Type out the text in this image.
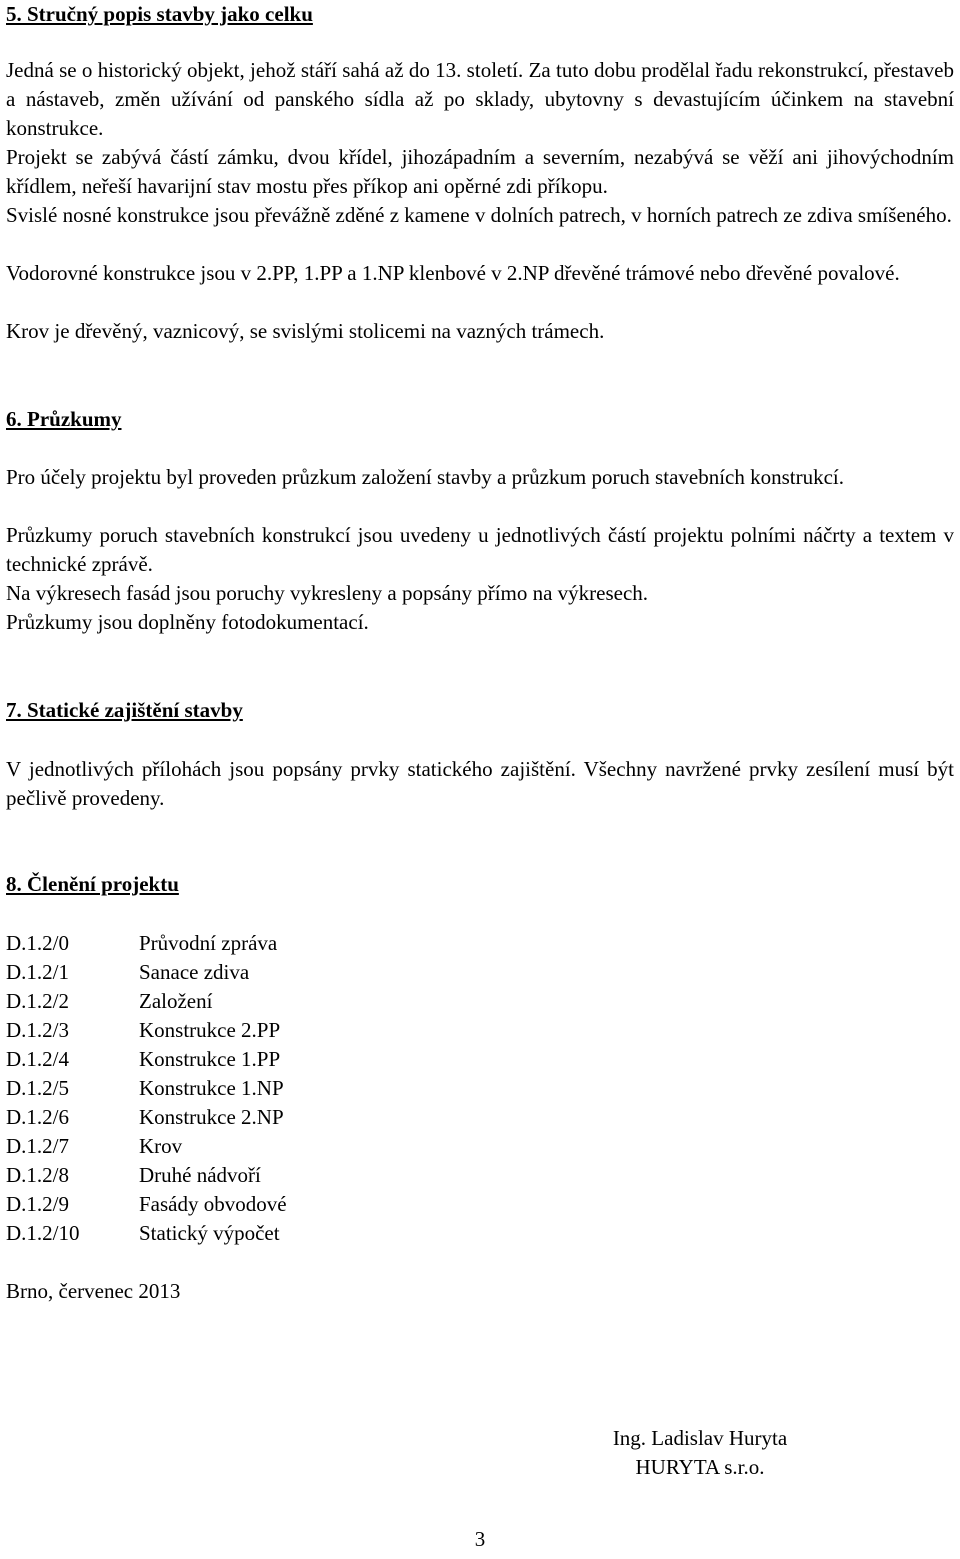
5. Stručný popis stavby jako celku

Jedná se o historický objekt, jehož stáří sahá až do 13. století. Za tuto dobu prodělal řadu rekonstrukcí, přestaveb a nástaveb, změn užívání od panského sídla až po sklady, ubytovny s devastujícím účinkem na stavební konstrukce.

Projekt se zabývá částí zámku, dvou křídel, jihozápadním a severním, nezabývá se věží ani jihovýchodním křídlem, neřeší havarijní stav mostu přes příkop ani opěrné zdi příkopu.

Svislé nosné konstrukce jsou převážně zděné z kamene v dolních patrech, v horních patrech ze zdiva smíšeného.

Vodorovné konstrukce jsou v 2.PP, 1.PP a 1.NP klenbové v 2.NP dřevěné trámové nebo dřevěné povalové.

Krov je dřevěný, vaznicový, se svislými stolicemi na vazných trámech.

6. Průzkumy

Pro účely projektu byl proveden průzkum založení stavby a průzkum poruch stavebních konstrukcí.

Průzkumy poruch stavebních konstrukcí jsou uvedeny u jednotlivých částí projektu polními náčrty a textem v technické zprávě.

Na výkresech fasád jsou poruchy vykresleny a popsány přímo na výkresech.

Průzkumy jsou doplněny fotodokumentací.

7. Statické zajištění stavby

V jednotlivých přílohách jsou popsány prvky statického zajištění. Všechny navržené prvky zesílení musí být pečlivě provedeny.

8. Členění projektu
D.1.2/0	Průvodní zpráva
D.1.2/1	Sanace zdiva
D.1.2/2	Založení
D.1.2/3	Konstrukce 2.PP
D.1.2/4	Konstrukce 1.PP
D.1.2/5	Konstrukce 1.NP
D.1.2/6	Konstrukce 2.NP
D.1.2/7	Krov
D.1.2/8	Druhé nádvoří
D.1.2/9	Fasády obvodové
D.1.2/10	Statický výpočet
Brno, červenec 2013
Ing. Ladislav Huryta
HURYTA s.r.o.
3
